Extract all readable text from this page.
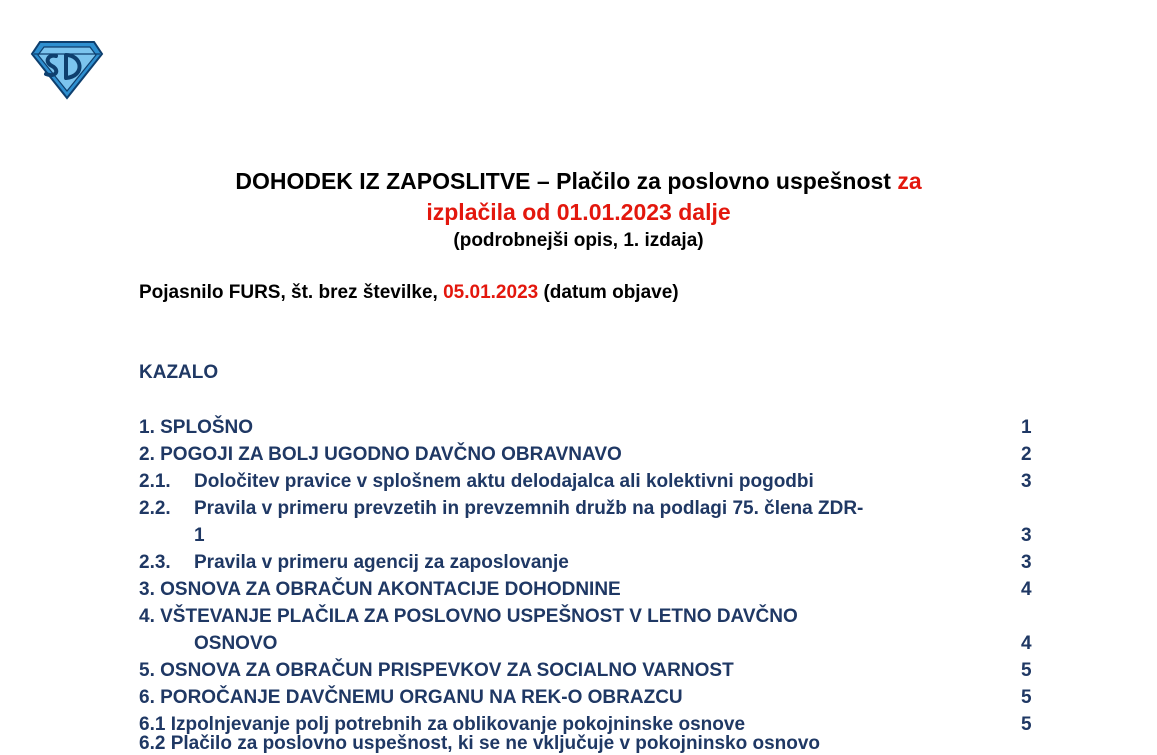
DOHODEK IZ ZAPOSLITVE – Plačilo za poslovno uspešnost za
izplačila od 01.01.2023 dalje
(podrobnejši opis, 1. izdaja)
Pojasnilo FURS, št. brez številke, 05.01.2023 (datum objave)
KAZALO
1. SPLOŠNO	1
2. POGOJI ZA BOLJ UGODNO DAVČNO OBRAVNAVO	2
2.1. Določitev pravice v splošnem aktu delodajalca ali kolektivni pogodbi	3
2.2. Pravila v primeru prevzetih in prevzemnih družb na podlagi 75. člena ZDR-
1	3
2.3. Pravila v primeru agencij za zaposlovanje	3
3. OSNOVA ZA OBRAČUN AKONTACIJE DOHODNINE	4
4. VŠTEVANJE PLAČILA ZA POSLOVNO USPEŠNOST V LETNO DAVČNO
OSNOVO	4
5. OSNOVA ZA OBRAČUN PRISPEVKOV ZA SOCIALNO VARNOST	5
6. POROČANJE DAVČNEMU ORGANU NA REK-O OBRAZCU	5
6.1 Izpolnjevanje polj potrebnih za oblikovanje pokojninske osnove	5
6.2 Plačilo za poslovno uspešnost, ki se ne vključuje v pokojninsko osnovo
